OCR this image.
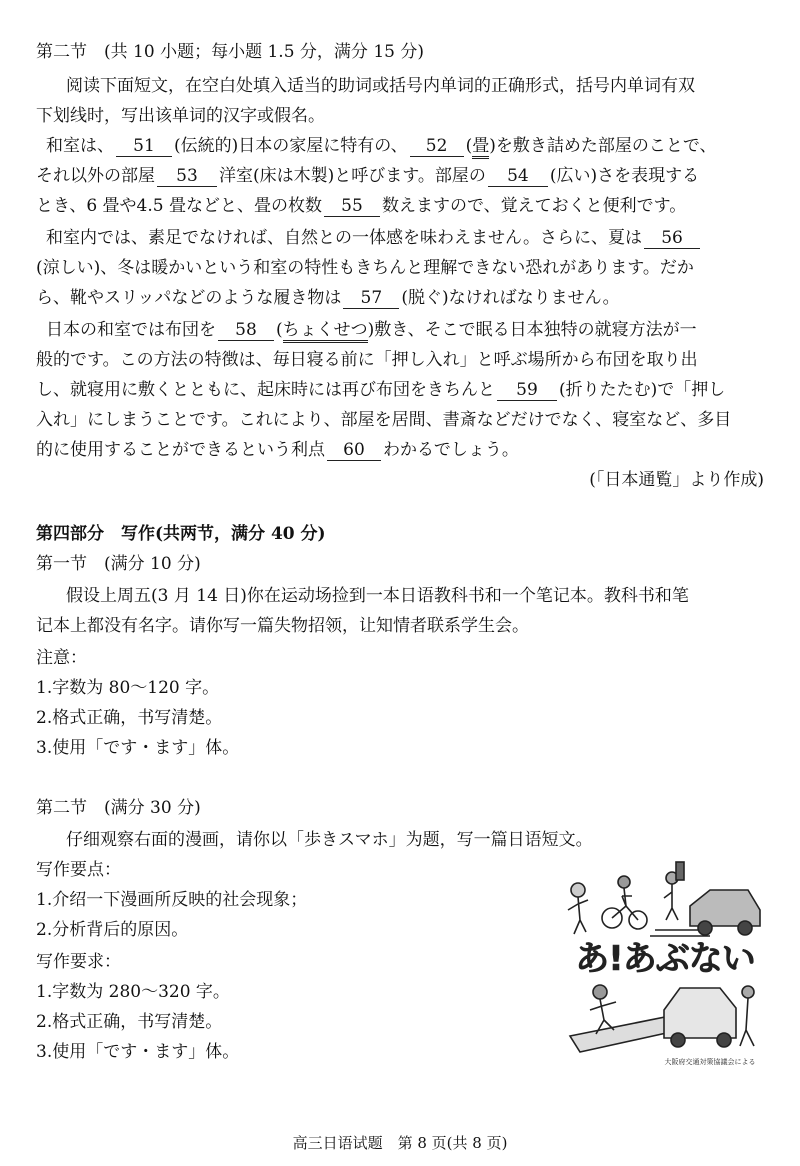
第二节　(共 10 小题；每小题 1.5 分，满分 15 分)
阅读下面短文，在空白处填入适当的助词或括号内单词的正确形式，括号内单词有双
下划线时，写出该单词的汉字或假名。
和室は、 51 (伝統的)日本の家屋に特有の、 52 (畳)を敷き詰めた部屋のことで、
それ以外の部屋 53 洋室(床は木製)と呼びます。部屋の 54 (広い)さを表現する
とき、6 畳や4.5 畳などと、畳の枚数 55 数えますので、覚えておくと便利です。
和室内では、素足でなければ、自然との一体感を味わえません。さらに、夏は 56
(涼しい)、冬は暖かいという和室の特性もきちんと理解できない恐れがあります。だか
ら、靴やスリッパなどのような履き物は 57 (脱ぐ)なければなりません。
日本の和室では布団を 58 (ちょくせつ)敷き、そこで眠る日本独特の就寝方法が一
般的です。この方法の特徴は、毎日寝る前に「押し入れ」と呼ぶ場所から布団を取り出
し、就寝用に敷くとともに、起床時には再び布団をきちんと 59 (折りたたむ)で「押し
入れ」にしまうことです。これにより、部屋を居間、書斎などだけでなく、寝室など、多目
的に使用することができるという利点 60 わかるでしょう。
(「日本通覧」より作成)
第四部分　写作(共两节，满分 40 分)
第一节　(满分 10 分)
假设上周五(3 月 14 日)你在运动场捡到一本日语教科书和一个笔记本。教科书和笔
记本上都没有名字。请你写一篇失物招领，让知情者联系学生会。
注意：
1.字数为 80～120 字。
2.格式正确，书写清楚。
3.使用「です・ます」体。
第二节　(满分 30 分)
仔细观察右面的漫画，请你以「歩きスマホ」为题，写一篇日语短文。
写作要点：
1.介绍一下漫画所反映的社会现象；
2.分析背后的原因。
写作要求：
1.字数为 280～320 字。
2.格式正确，书写清楚。
3.使用「です・ます」体。
あ!あぶない
大阪府交通対策協議会による
高三日语试题　第 8 页(共 8 页)
